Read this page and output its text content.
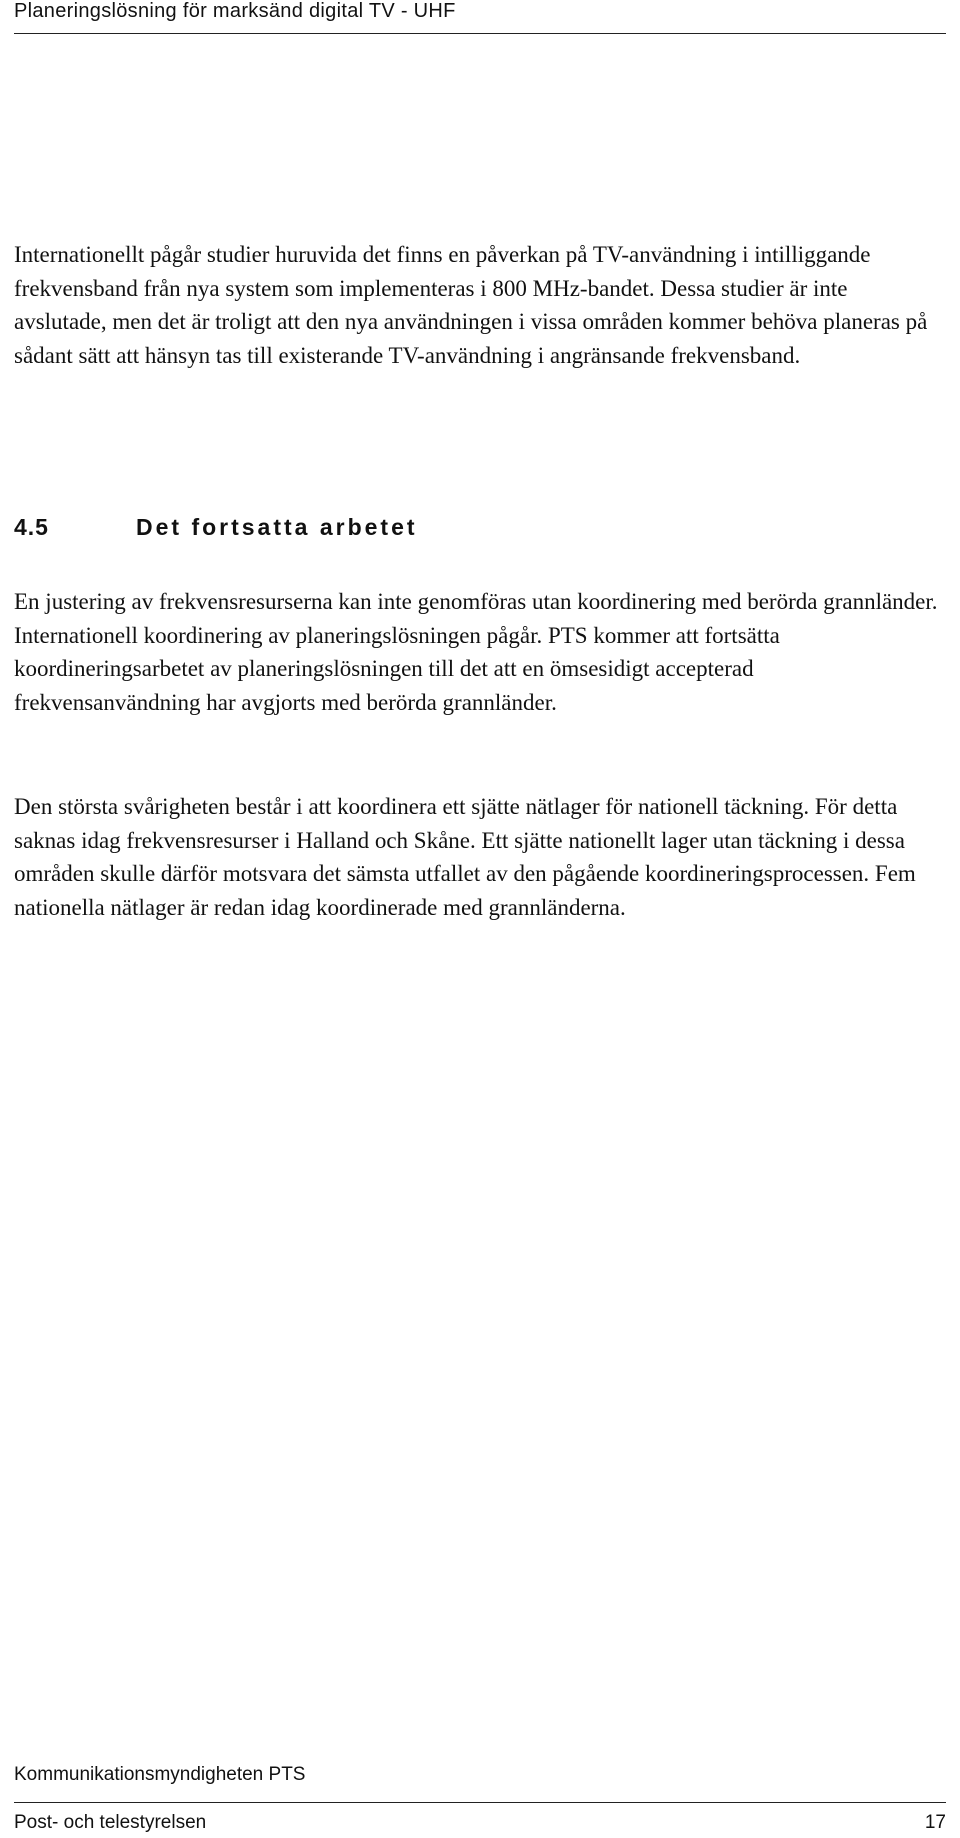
Planeringslösning för marksänd digital TV - UHF

Internationellt pågår studier huruvida det finns en påverkan på TV-användning i intilliggande frekvensband från nya system som implementeras i 800 MHz-bandet. Dessa studier är inte avslutade, men det är troligt att den nya användningen i vissa områden kommer behöva planeras på sådant sätt att hänsyn tas till existerande TV-användning i angränsande frekvensband.

4.5	Det fortsatta arbetet

En justering av frekvensresurserna kan inte genomföras utan koordinering med berörda grannländer. Internationell koordinering av planeringslösningen pågår. PTS kommer att fortsätta koordineringsarbetet av planeringslösningen till det att en ömsesidigt accepterad frekvensanvändning har avgjorts med berörda grannländer.

Den största svårigheten består i att koordinera ett sjätte nätlager för nationell täckning. För detta saknas idag frekvensresurser i Halland och Skåne. Ett sjätte nationellt lager utan täckning i dessa områden skulle därför motsvara det sämsta utfallet av den pågående koordineringsprocessen. Fem nationella nätlager är redan idag koordinerade med grannländerna.

Kommunikationsmyndigheten PTS
Post- och telestyrelsen	17
